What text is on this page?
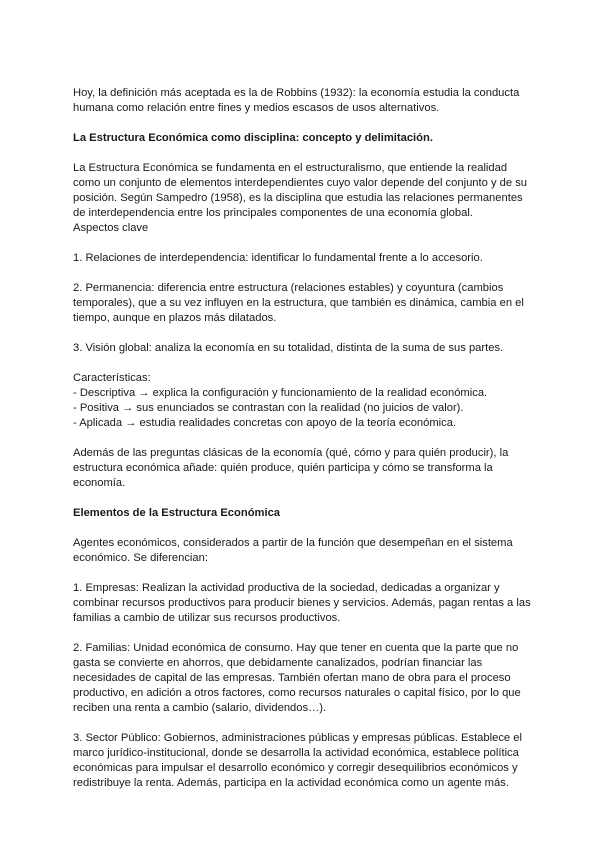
Hoy, la definición más aceptada es la de Robbins (1932): la economía estudia la conducta humana como relación entre fines y medios escasos de usos alternativos.

La Estructura Económica como disciplina: concepto y delimitación.

La Estructura Económica se fundamenta en el estructuralismo, que entiende la realidad como un conjunto de elementos interdependientes cuyo valor depende del conjunto y de su posición. Según Sampedro (1958), es la disciplina que estudia las relaciones permanentes de interdependencia entre los principales componentes de una economía global.

Aspectos clave

1. Relaciones de interdependencia: identificar lo fundamental frente a lo accesorio.

2. Permanencia: diferencia entre estructura (relaciones estables) y coyuntura (cambios temporales), que a su vez influyen en la estructura, que también es dinámica, cambia en el tiempo, aunque en plazos más dilatados.

3. Visión global: analiza la economía en su totalidad, distinta de la suma de sus partes.

Características:
- Descriptiva → explica la configuración y funcionamiento de la realidad económica.
- Positiva → sus enunciados se contrastan con la realidad (no juicios de valor).
- Aplicada → estudia realidades concretas con apoyo de la teoría económica.

Además de las preguntas clásicas de la economía (qué, cómo y para quién producir), la estructura económica añade: quién produce, quién participa y cómo se transforma la economía.

Elementos de la Estructura Económica

Agentes económicos, considerados a partir de la función que desempeñan en el sistema económico. Se diferencian:

1. Empresas: Realizan la actividad productiva de la sociedad, dedicadas a organizar y combinar recursos productivos para producir bienes y servicios. Además, pagan rentas a las familias a cambio de utilizar sus recursos productivos.

2. Familias: Unidad económica de consumo. Hay que tener en cuenta que la parte que no gasta se convierte en ahorros, que debidamente canalizados, podrían financiar las necesidades de capital de las empresas. También ofertan mano de obra para el proceso productivo, en adición a otros factores, como recursos naturales o capital físico, por lo que reciben una renta a cambio (salario, dividendos…).

3. Sector Público: Gobiernos, administraciones públicas y empresas públicas. Establece el marco jurídico-institucional, donde se desarrolla la actividad económica, establece política económicas para impulsar el desarrollo económico y corregir desequilibrios económicos y redistribuye la renta. Además, participa en la actividad económica como un agente más.
